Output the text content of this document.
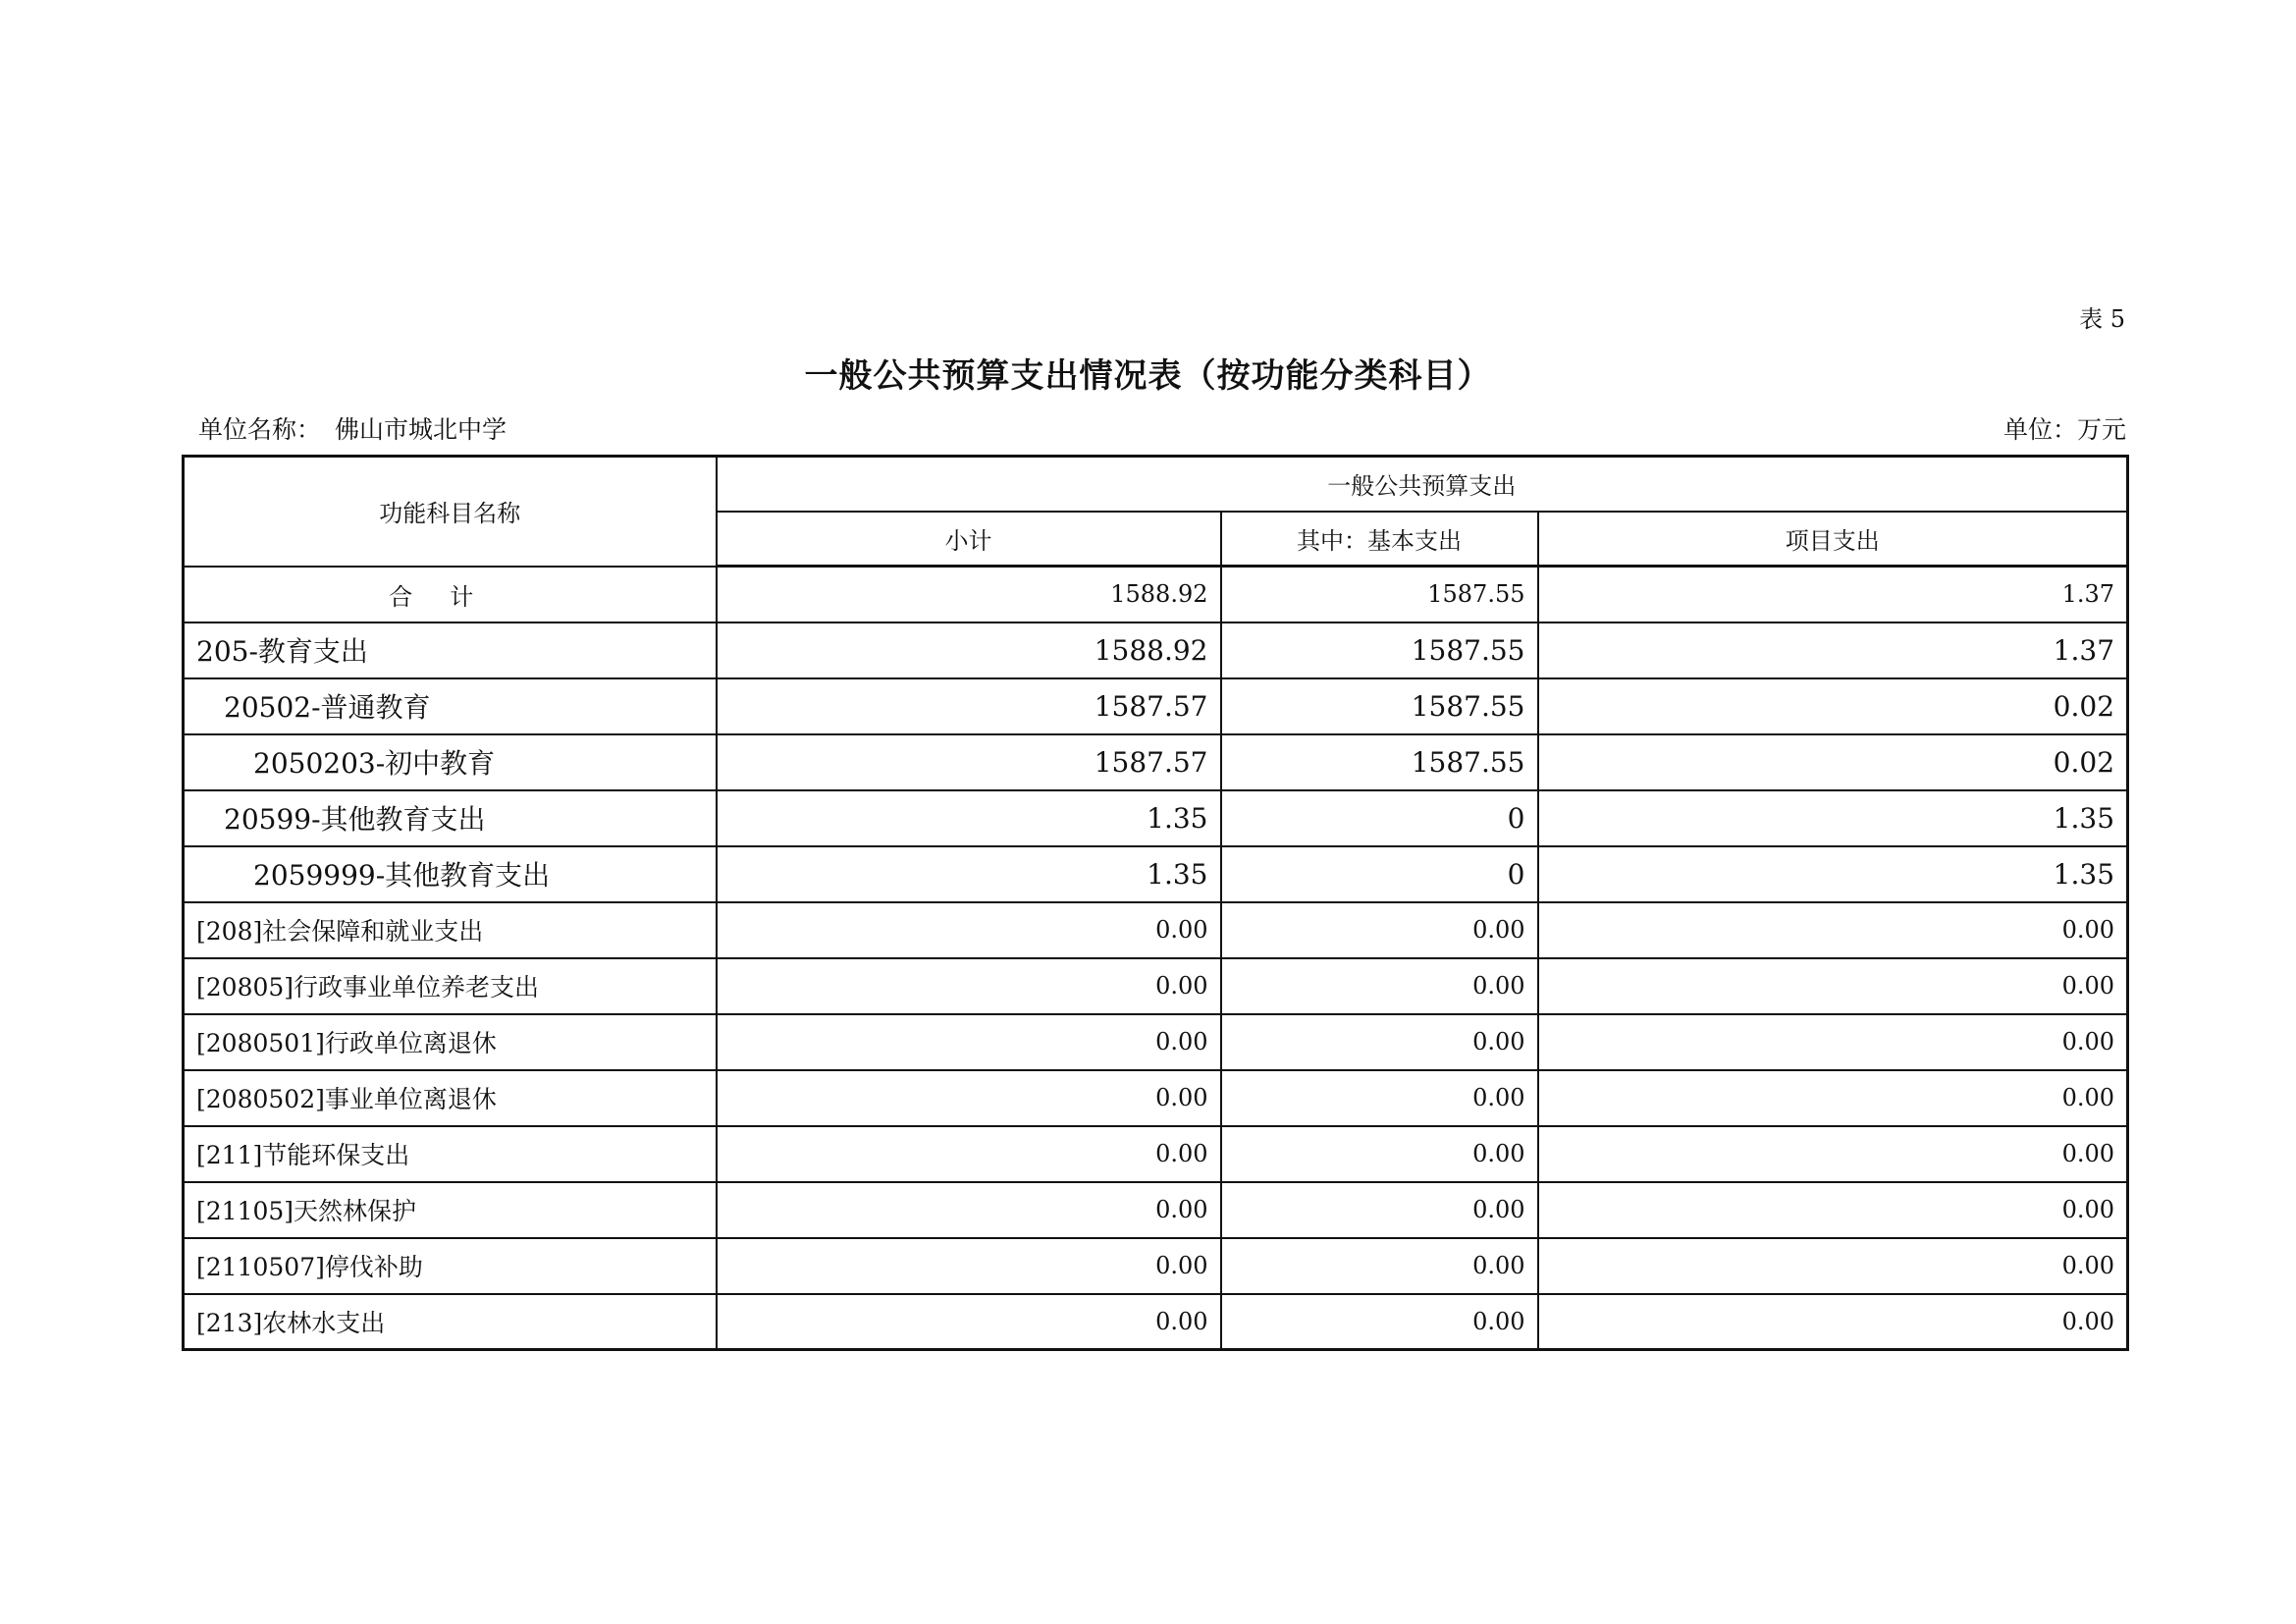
表 5
一般公共预算支出情况表（按功能分类科目）
单位名称： 佛山市城北中学	单位：万元
功能科目名称	一般公共预算支出		
	小计	其中：基本支出	项目支出
合计	1588.92	1587.55	1.37
205-教育支出	1588.92	1587.55	1.37
20502-普通教育	1587.57	1587.55	0.02
2050203-初中教育	1587.57	1587.55	0.02
20599-其他教育支出	1.35	0	1.35
2059999-其他教育支出	1.35	0	1.35
[208]社会保障和就业支出	0.00	0.00	0.00
[20805]行政事业单位养老支出	0.00	0.00	0.00
[2080501]行政单位离退休	0.00	0.00	0.00
[2080502]事业单位离退休	0.00	0.00	0.00
[211]节能环保支出	0.00	0.00	0.00
[21105]天然林保护	0.00	0.00	0.00
[2110507]停伐补助	0.00	0.00	0.00
[213]农林水支出	0.00	0.00	0.00
